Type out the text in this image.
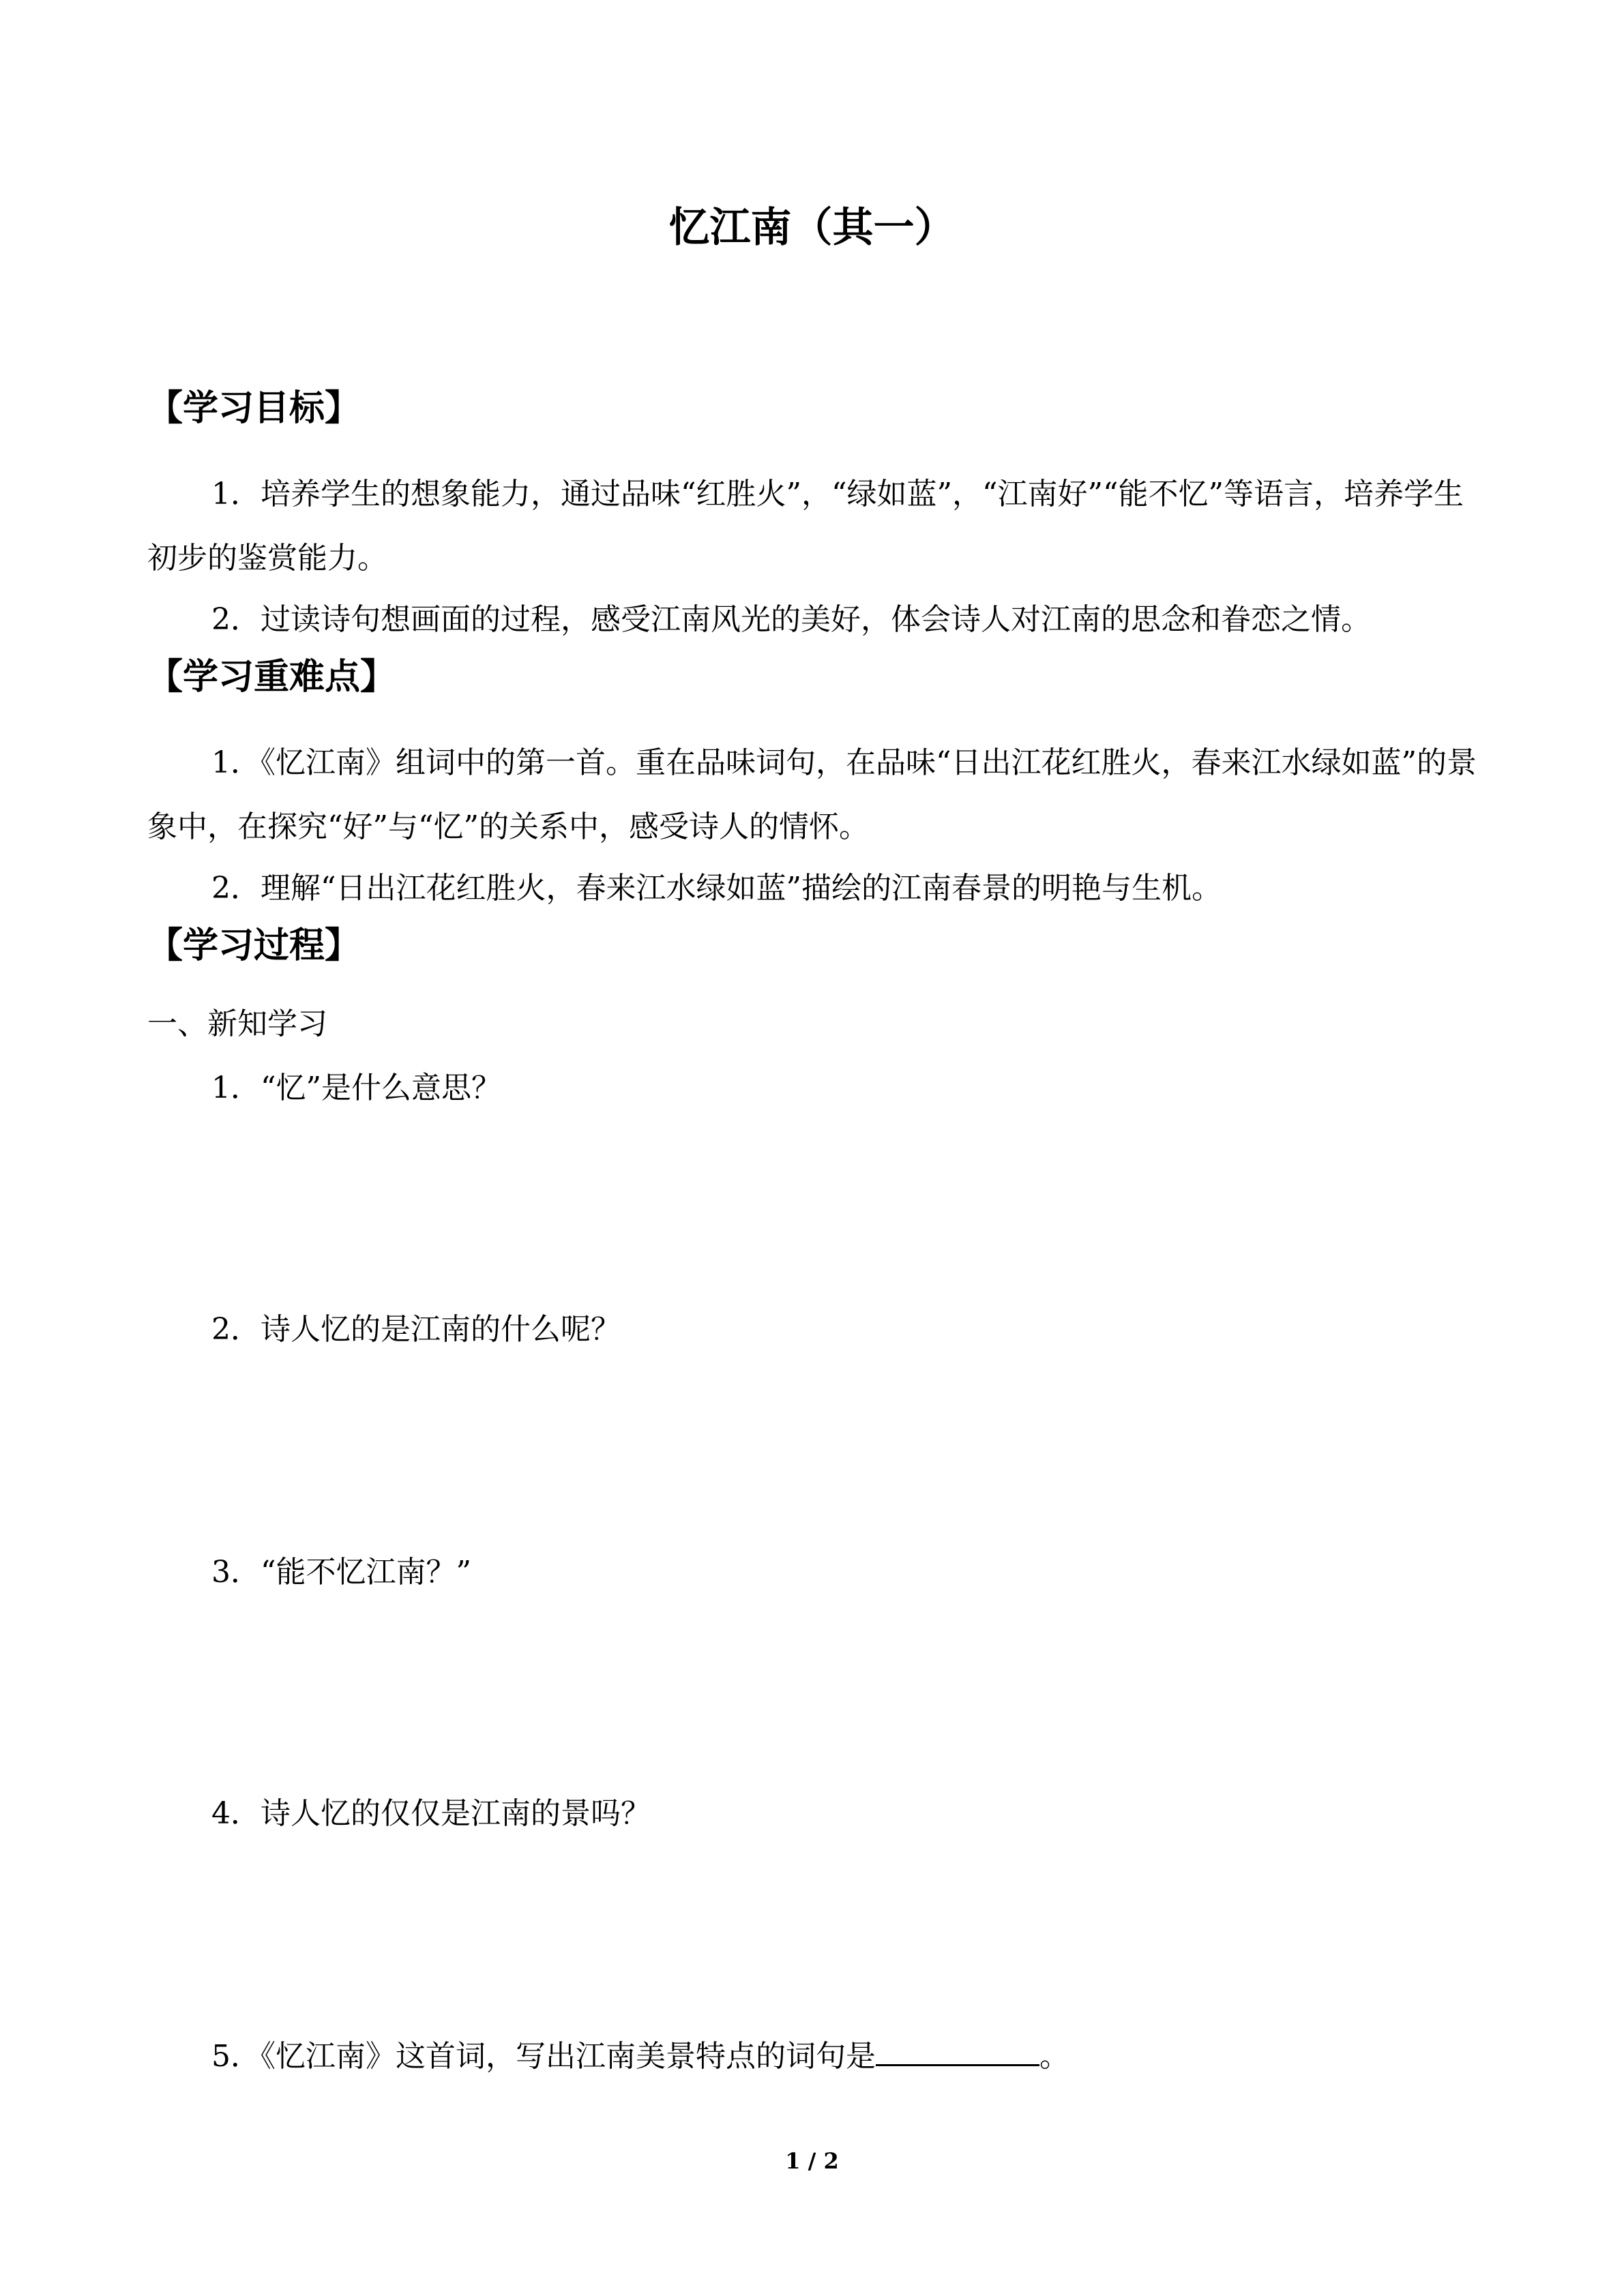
忆江南（其一）
【学习目标】

1．培养学生的想象能力，通过品味“红胜火”，“绿如蓝”，“江南好”“能不忆”等语言，培养学生初步的鉴赏能力。

2．过读诗句想画面的过程，感受江南风光的美好，体会诗人对江南的思念和眷恋之情。

【学习重难点】

1．《忆江南》组词中的第一首。重在品味词句，在品味“日出江花红胜火，春来江水绿如蓝”的景象中，在探究“好”与“忆”的关系中，感受诗人的情怀。

2．理解“日出江花红胜火，春来江水绿如蓝”描绘的江南春景的明艳与生机。

【学习过程】
一、新知学习
1．“忆”是什么意思？
2．诗人忆的是江南的什么呢？
3．“能不忆江南？”
4．诗人忆的仅仅是江南的景吗？
5．《忆江南》这首词，写出江南美景特点的词句是	。
1 / 2
